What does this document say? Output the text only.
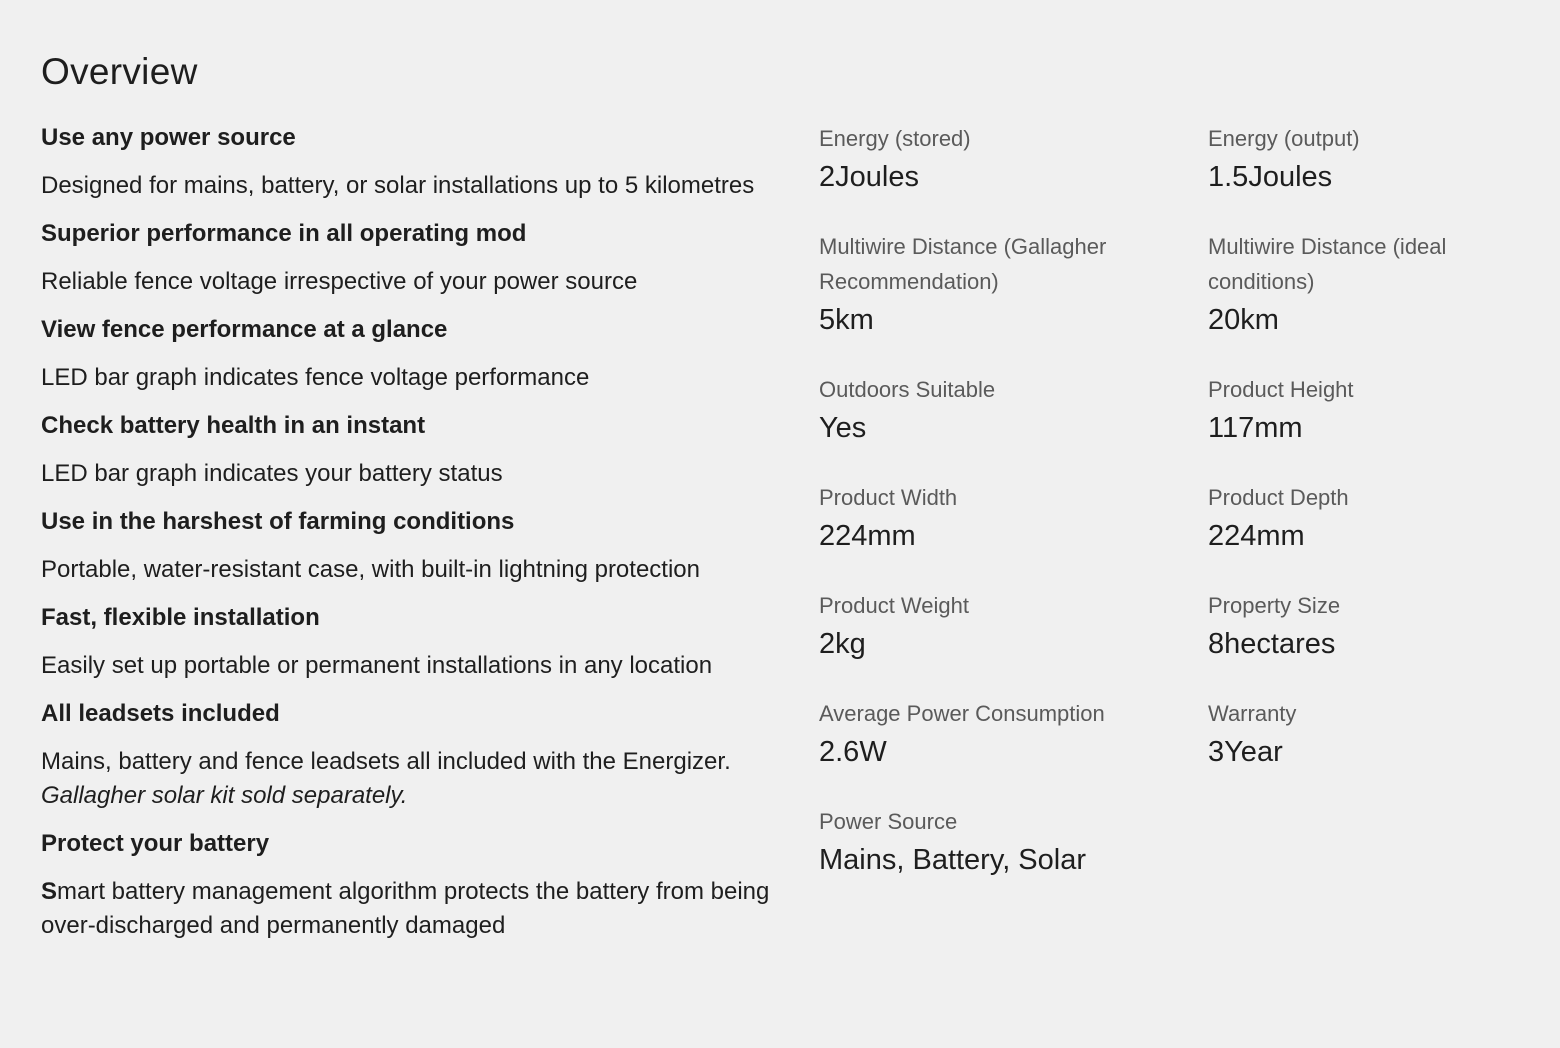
Overview
Use any power source

Designed for mains, battery, or solar installations up to 5 kilometres

Superior performance in all operating mod

Reliable fence voltage irrespective of your power source

View fence performance at a glance

LED bar graph indicates fence voltage performance

Check battery health in an instant

LED bar graph indicates your battery status

Use in the harshest of farming conditions

Portable, water-resistant case, with built-in lightning protection

Fast, flexible installation

Easily set up portable or permanent installations in any location

All leadsets included

Mains, battery and fence leadsets all included with the Energizer. Gallagher solar kit sold separately.

Protect your battery

Smart battery management algorithm protects the battery from being over-discharged and permanently damaged

Energy (stored)
2Joules
Energy (output)
1.5Joules
Multiwire Distance (Gallagher Recommendation)
5km
Multiwire Distance (ideal conditions)
20km
Outdoors Suitable
Yes
Product Height
117mm
Product Width
224mm
Product Depth
224mm
Product Weight
2kg
Property Size
8hectares
Average Power Consumption
2.6W
Warranty
3Year
Power Source
Mains, Battery, Solar
